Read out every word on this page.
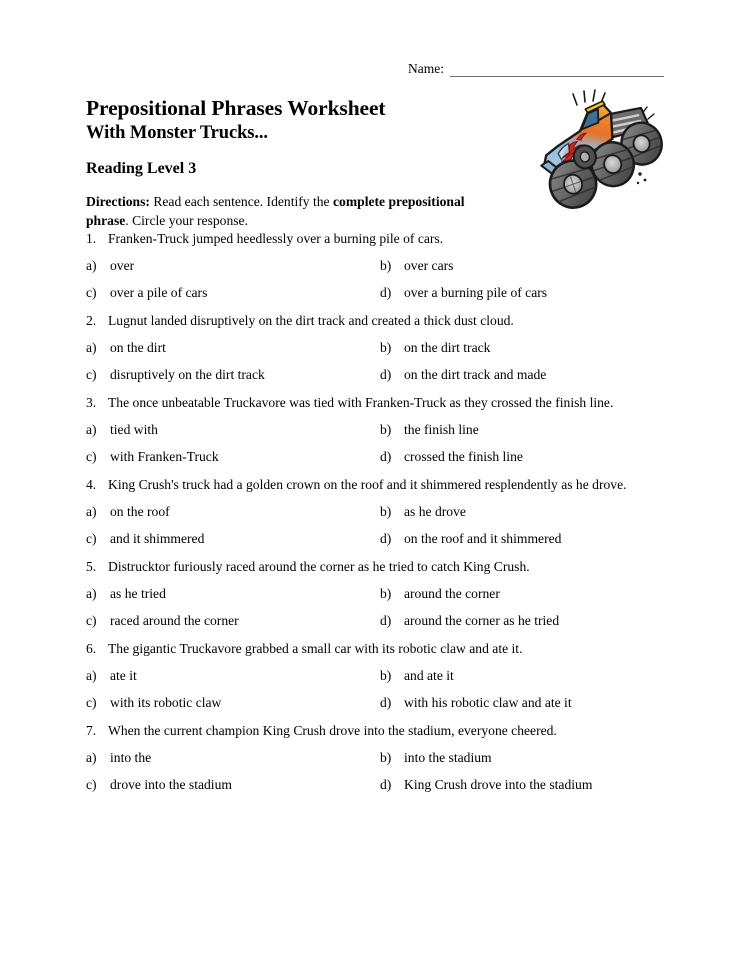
Name:
Prepositional Phrases Worksheet
With Monster Trucks...
Reading Level 3
Directions: Read each sentence. Identify the complete prepositional phrase. Circle your response.
1. Franken-Truck jumped heedlessly over a burning pile of cars.
a) over	b) over cars
c) over a pile of cars	d) over a burning pile of cars
2. Lugnut landed disruptively on the dirt track and created a thick dust cloud.
a) on the dirt	b) on the dirt track
c) disruptively on the dirt track	d) on the dirt track and made
3. The once unbeatable Truckavore was tied with Franken-Truck as they crossed the finish line.
a) tied with	b) the finish line
c) with Franken-Truck	d) crossed the finish line
4. King Crush's truck had a golden crown on the roof and it shimmered resplendently as he drove.
a) on the roof	b) as he drove
c) and it shimmered	d) on the roof and it shimmered
5. Distrucktor furiously raced around the corner as he tried to catch King Crush.
a) as he tried	b) around the corner
c) raced around the corner	d) around the corner as he tried
6. The gigantic Truckavore grabbed a small car with its robotic claw and ate it.
a) ate it	b) and ate it
c) with its robotic claw	d) with his robotic claw and ate it
7. When the current champion King Crush drove into the stadium, everyone cheered.
a) into the	b) into the stadium
c) drove into the stadium	d) King Crush drove into the stadium
